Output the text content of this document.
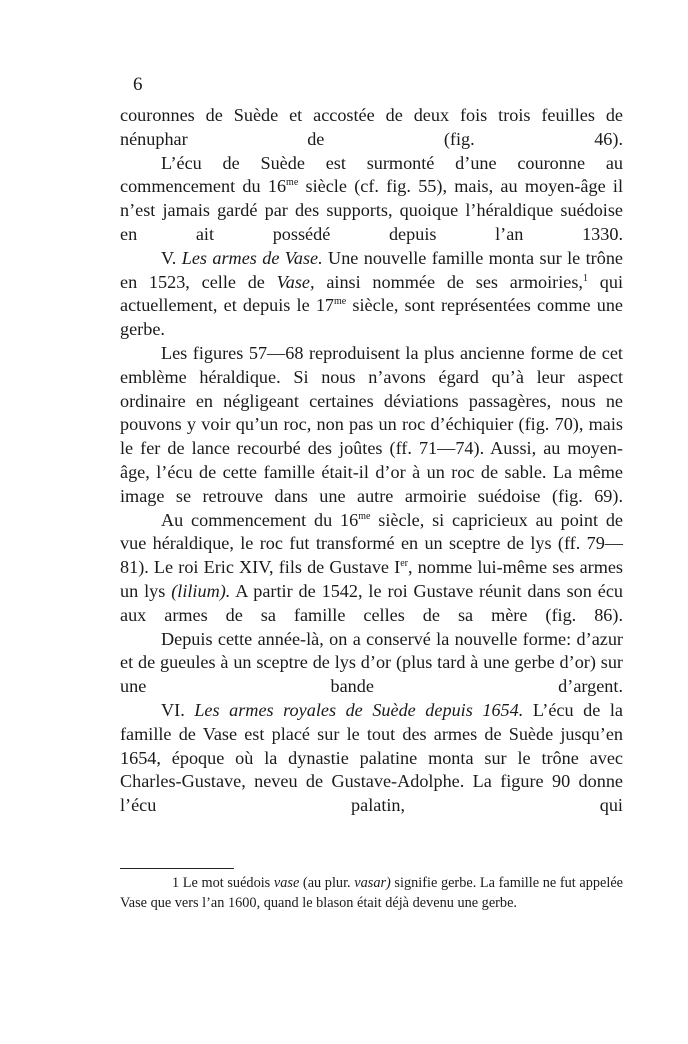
6

couronnes de Suède et accostée de deux fois trois feuilles de nénuphar de (fig. 46).

L’écu de Suède est surmonté d’une couronne au commencement du $16^{me}$ siècle (cf. fig. 55), mais, au moyen-âge il n’est jamais gardé par des supports, quoique l’héraldique suédoise en ait possédé depuis l’an 1330.

V. Les armes de Vase. Une nouvelle famille monta sur le trône en 1523, celle de Vase, ainsi nommée de ses armoiries,$^1$ qui actuellement, et depuis le $17^{me}$ siècle, sont représentées comme une gerbe.

Les figures 57—68 reproduisent la plus ancienne forme de cet emblème héraldique. Si nous n’avons égard qu’à leur aspect ordinaire en négligeant certaines déviations passagères, nous ne pouvons y voir qu’un roc, non pas un roc d’échiquier (fig. 70), mais le fer de lance recourbé des joûtes (ff. 71—74). Aussi, au moyen-âge, l’écu de cette famille était-il d’or à un roc de sable. La même image se retrouve dans une autre armoirie suédoise (fig. 69).

Au commencement du $16^{me}$ siècle, si capricieux au point de vue héraldique, le roc fut transformé en un sceptre de lys (ff. 79—81). Le roi Eric XIV, fils de Gustave Ier, nomme lui-même ses armes un lys (lilium). A partir de 1542, le roi Gustave réunit dans son écu aux armes de sa famille celles de sa mère (fig. 86).

Depuis cette année-là, on a conservé la nouvelle forme: d’azur et de gueules à un sceptre de lys d’or (plus tard à une gerbe d’or) sur une bande d’argent.

VI. Les armes royales de Suède depuis 1654. L’écu de la famille de Vase est placé sur le tout des armes de Suède jusqu’en 1654, époque où la dynastie palatine monta sur le trône avec Charles-Gustave, neveu de Gustave-Adolphe. La figure 90 donne l’écu palatin, qui

1 Le mot suédois vase (au plur. vasar) signifie gerbe. La famille ne fut appelée Vase que vers l’an 1600, quand le blason était déjà devenu une gerbe.
